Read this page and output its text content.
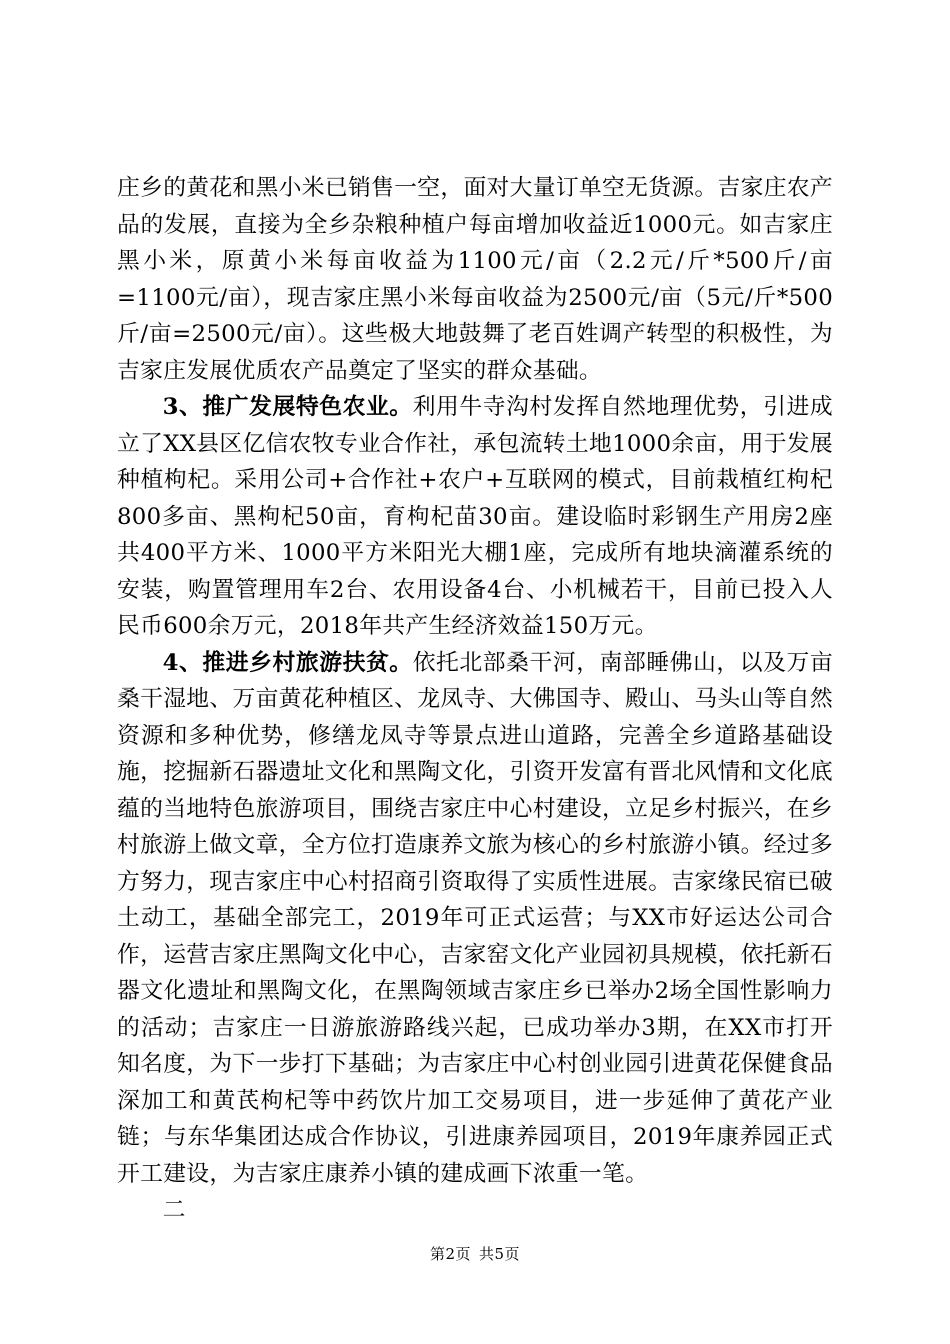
庄乡的黄花和黑小米已销售一空，面对大量订单空无货源。吉家庄农产品的发展，直接为全乡杂粮种植户每亩增加收益近1000元。如吉家庄黑小米，原黄小米每亩收益为1100元/亩（2.2元/斤*500斤/亩=1100元/亩），现吉家庄黑小米每亩收益为2500元/亩（5元/斤*500斤/亩=2500元/亩）。这些极大地鼓舞了老百姓调产转型的积极性，为吉家庄发展优质农产品奠定了坚实的群众基础。

3、推广发展特色农业。利用牛寺沟村发挥自然地理优势，引进成立了XX县区亿信农牧专业合作社，承包流转土地1000余亩，用于发展种植枸杞。采用公司+合作社+农户+互联网的模式，目前栽植红枸杞800多亩、黑枸杞50亩，育枸杞苗30亩。建设临时彩钢生产用房2座共400平方米、1000平方米阳光大棚1座，完成所有地块滴灌系统的安装，购置管理用车2台、农用设备4台、小机械若干，目前已投入人民币600余万元，2018年共产生经济效益150万元。

4、推进乡村旅游扶贫。依托北部桑干河，南部睡佛山，以及万亩桑干湿地、万亩黄花种植区、龙凤寺、大佛国寺、殿山、马头山等自然资源和多种优势，修缮龙凤寺等景点进山道路，完善全乡道路基础设施，挖掘新石器遗址文化和黑陶文化，引资开发富有晋北风情和文化底蕴的当地特色旅游项目，围绕吉家庄中心村建设，立足乡村振兴，在乡村旅游上做文章，全方位打造康养文旅为核心的乡村旅游小镇。经过多方努力，现吉家庄中心村招商引资取得了实质性进展。吉家缘民宿已破土动工，基础全部完工，2019年可正式运营；与XX市好运达公司合作，运营吉家庄黑陶文化中心，吉家窑文化产业园初具规模，依托新石器文化遗址和黑陶文化，在黑陶领域吉家庄乡已举办2场全国性影响力的活动；吉家庄一日游旅游路线兴起，已成功举办3期，在XX市打开知名度，为下一步打下基础；为吉家庄中心村创业园引进黄花保健食品深加工和黄芪枸杞等中药饮片加工交易项目，进一步延伸了黄花产业链；与东华集团达成合作协议，引进康养园项目，2019年康养园正式开工建设，为吉家庄康养小镇的建成画下浓重一笔。

二

第2页 共5页
